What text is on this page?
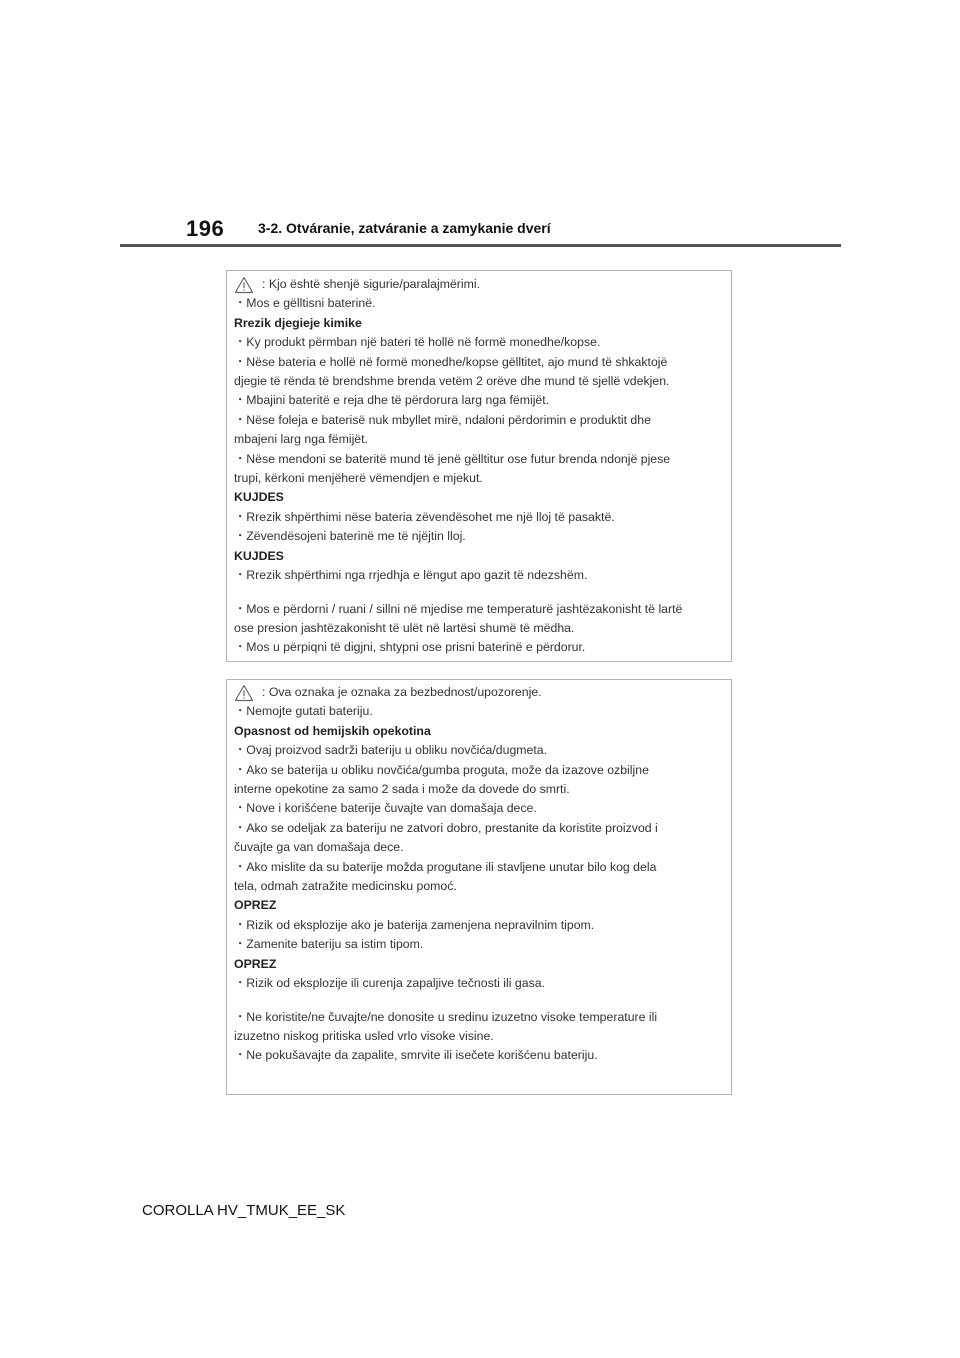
196 3-2. Otváranie, zatváranie a zamykanie dverí
: Kjo është shenjë sigurie/paralajmërimi.
・Mos e gëlltisni baterinë.
Rrezik djegieje kimike
・Ky produkt përmban një bateri të hollë në formë monedhe/kopse.
・Nëse bateria e hollë në formë monedhe/kopse gëlltitet, ajo mund të shkaktojë
djegie të rënda të brendshme brenda vetëm 2 orëve dhe mund të sjellë vdekjen.
・Mbajini bateritë e reja dhe të përdorura larg nga fëmijët.
・Nëse foleja e baterisë nuk mbyllet mirë, ndaloni përdorimin e produktit dhe
mbajeni larg nga fëmijët.
・Nëse mendoni se bateritë mund të jenë gëlltitur ose futur brenda ndonjë pjese
trupi, kërkoni menjëherë vëmendjen e mjekut.
KUJDES
・Rrezik shpërthimi nëse bateria zëvendësohet me një lloj të pasaktë.
・Zëvendësojeni baterinë me të njëjtin lloj.
KUJDES
・Rrezik shpërthimi nga rrjedhja e lëngut apo gazit të ndezshëm.
・Mos e përdorni / ruani / sillni në mjedise me temperaturë jashtëzakonisht të lartë
ose presion jashtëzakonisht të ulët në lartësi shumë të mëdha.
・Mos u përpiqni të digjni, shtypni ose prisni baterinë e përdorur.
: Ova oznaka je oznaka za bezbednost/upozorenje.
・Nemojte gutati bateriju.
Opasnost od hemijskih opekotina
・Ovaj proizvod sadrži bateriju u obliku novčića/dugmeta.
・Ako se baterija u obliku novčića/gumba proguta, može da izazove ozbiljne
interne opekotine za samo 2 sada i može da dovede do smrti.
・Nove i korišćene baterije čuvajte van domašaja dece.
・Ako se odeljak za bateriju ne zatvori dobro, prestanite da koristite proizvod i
čuvajte ga van domašaja dece.
・Ako mislite da su baterije možda progutane ili stavljene unutar bilo kog dela
tela, odmah zatražite medicinsku pomoć.
OPREZ
・Rizik od eksplozije ako je baterija zamenjena nepravilnim tipom.
・Zamenite bateriju sa istim tipom.
OPREZ
・Rizik od eksplozije ili curenja zapaljive tečnosti ili gasa.
・Ne koristite/ne čuvajte/ne donosite u sredinu izuzetno visoke temperature ili
izuzetno niskog pritiska usled vrlo visoke visine.
・Ne pokušavajte da zapalite, smrvite ili isečete korišćenu bateriju.
COROLLA HV_TMUK_EE_SK
